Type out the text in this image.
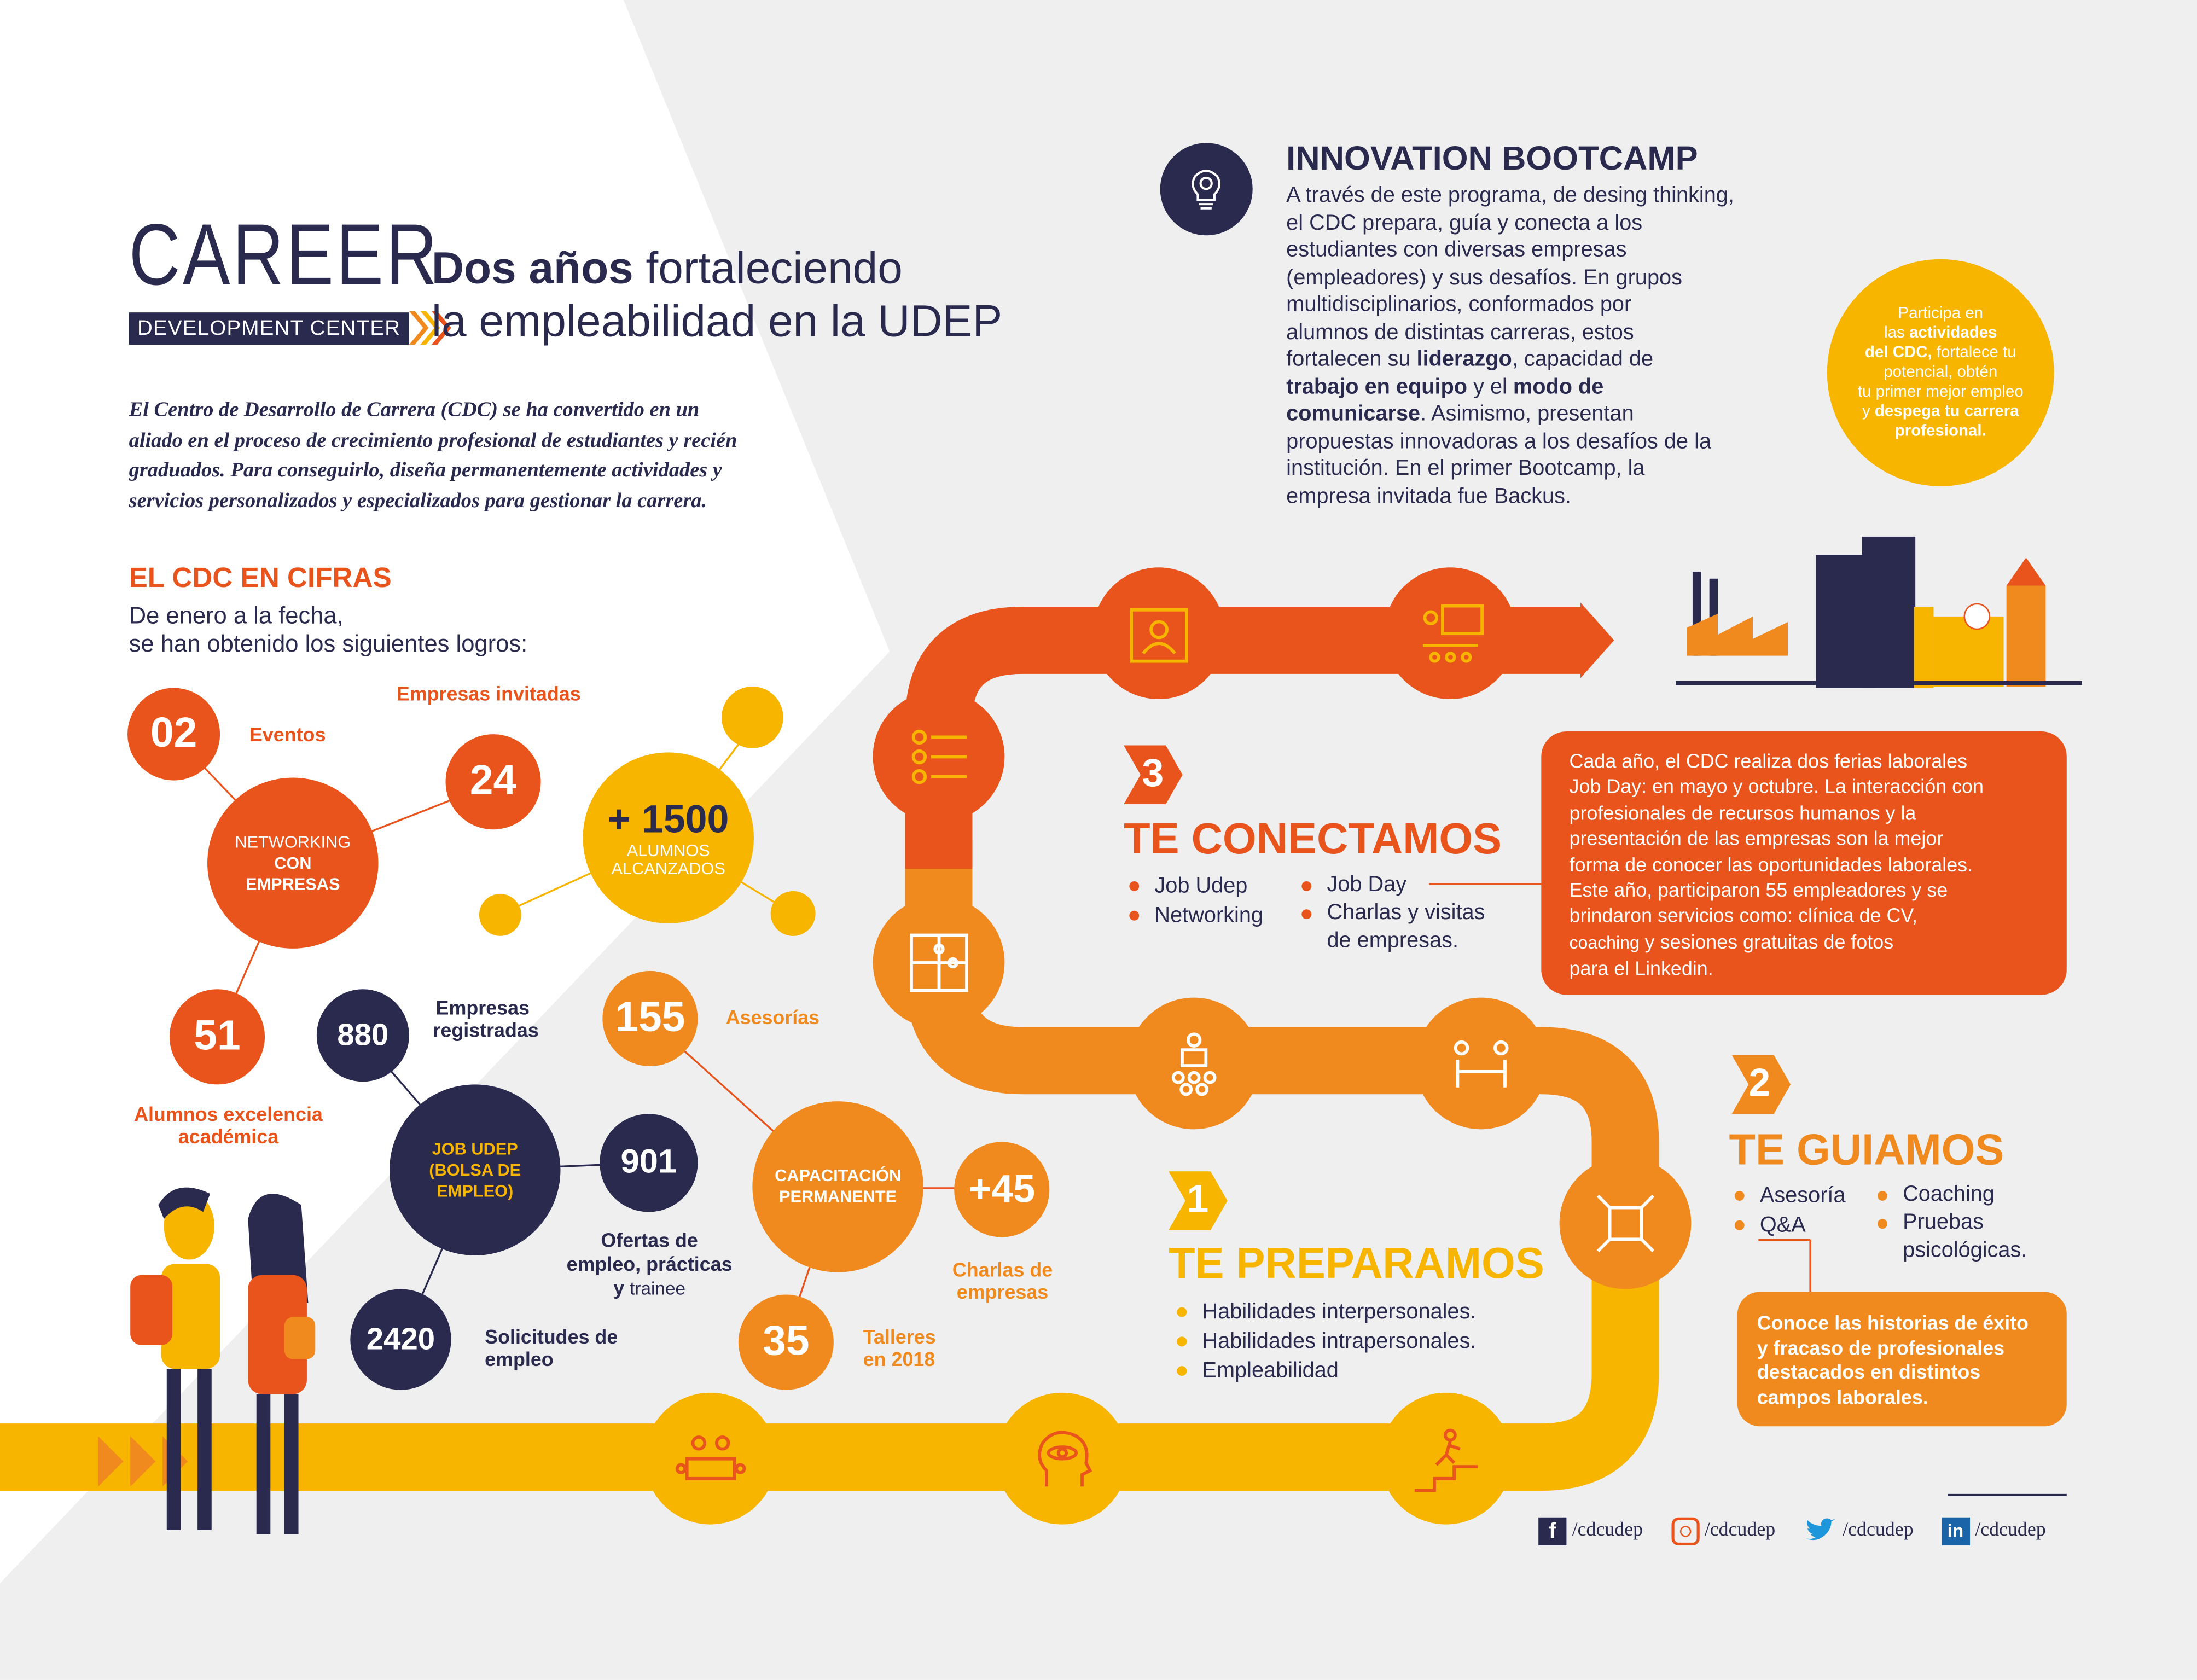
CAREER
DEVELOPMENT CENTER
Dos años fortaleciendo
la empleabilidad en la UDEP
El Centro de Desarrollo de Carrera (CDC) se ha convertido en un aliado en el proceso de crecimiento profesional de estudiantes y recién graduados. Para conseguirlo, diseña permanentemente actividades y servicios personalizados y especializados para gestionar la carrera.
EL CDC EN CIFRAS
De enero a la fecha,
se han obtenido los siguientes logros:
02	Eventos
24
Empresas invitadas
NETWORKING
CON
EMPRESAS
51
Alumnos excelencia
académica
+ 1500
ALUMNOS
ALCANZADOS
880
Empresas
registradas
JOB UDEP
(BOLSA DE
EMPLEO)
901
Ofertas de
empleo, prácticas
y trainee
2420	Solicitudes de
empleo
155	Asesorías
CAPACITACIÓN
PERMANENTE	+45
Charlas de
empresas
35	Talleres
en 2018
INNOVATION BOOTCAMP
A través de este programa, de desing thinking,
el CDC prepara, guía y conecta a los
estudiantes con diversas empresas
(empleadores) y sus desafíos. En grupos
multidisciplinarios, conformados por
alumnos de distintas carreras, estos
fortalecen su liderazgo, capacidad de
trabajo en equipo y el modo de
comunicarse. Asimismo, presentan
propuestas innovadoras a los desafíos de la
institución. En el primer Bootcamp, la
empresa invitada fue Backus.
Participa en
las actividades
del CDC, fortalece tu
potencial, obtén
tu primer mejor empleo
y despega tu carrera
profesional.
3
TE CONECTAMOS
Job Udep
Networking
Job Day
Charlas y visitas
de empresas.
Cada año, el CDC realiza dos ferias laborales
Job Day: en mayo y octubre. La interacción con
profesionales de recursos humanos y la
presentación de las empresas son la mejor
forma de conocer las oportunidades laborales.
Este año, participaron 55 empleadores y se
brindaron servicios como: clínica de CV,
coaching y sesiones gratuitas de fotos
para el Linkedin.
2
TE GUIAMOS
Asesoría
Q&A
Coaching
Pruebas
psicológicas.
Conoce las historias de éxito
y fracaso de profesionales
destacados en distintos
campos laborales.
1
TE PREPARAMOS
Habilidades interpersonales.
Habilidades intrapersonales.
Empleabilidad
f	/cdcudep	/cdcudep	/cdcudep	in	/cdcudep
